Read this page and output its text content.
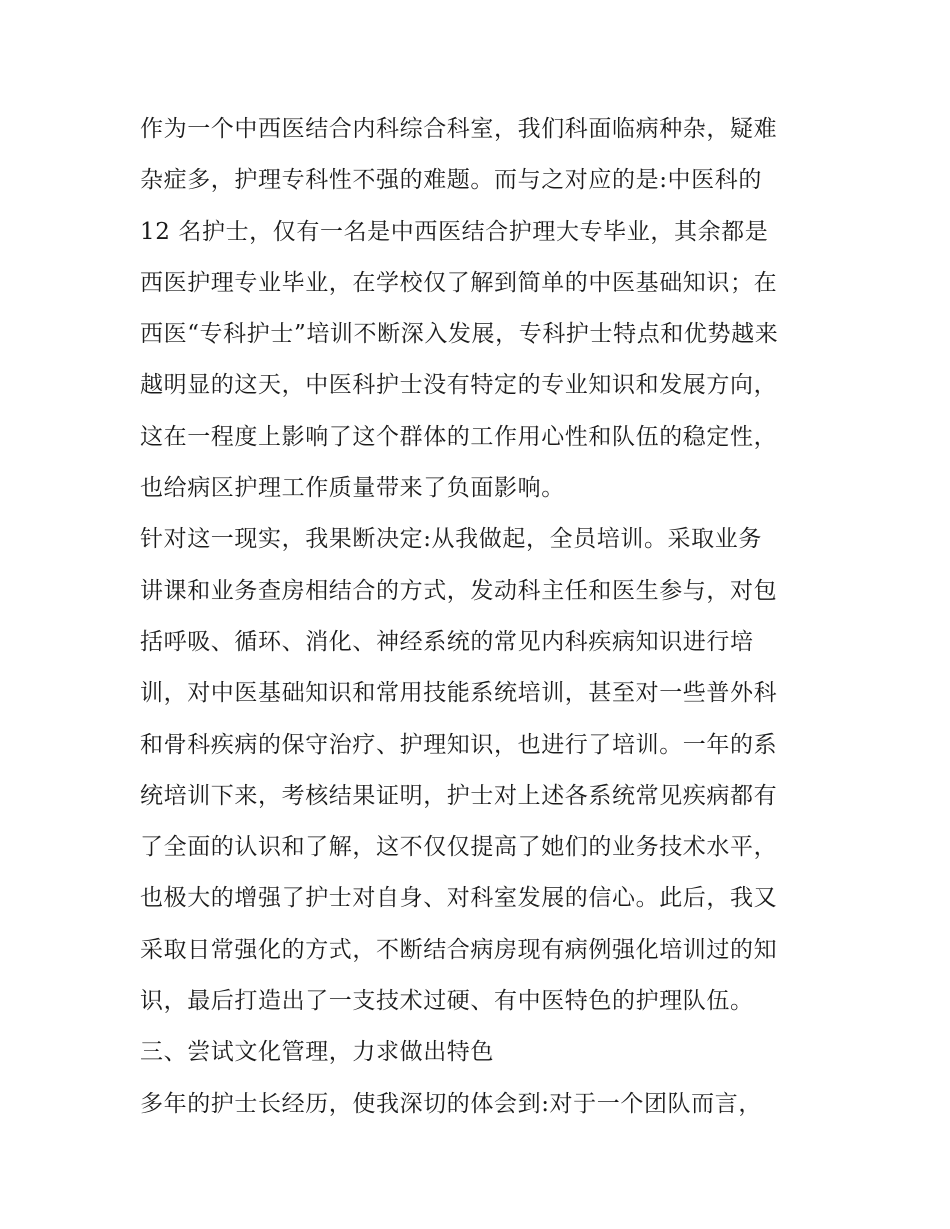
作为一个中西医结合内科综合科室，我们科面临病种杂，疑难
杂症多，护理专科性不强的难题。而与之对应的是:中医科的
12 名护士，仅有一名是中西医结合护理大专毕业，其余都是
西医护理专业毕业，在学校仅了解到简单的中医基础知识；在
西医“专科护士”培训不断深入发展，专科护士特点和优势越来
越明显的这天，中医科护士没有特定的专业知识和发展方向，
这在一程度上影响了这个群体的工作用心性和队伍的稳定性，
也给病区护理工作质量带来了负面影响。
针对这一现实，我果断决定:从我做起，全员培训。采取业务
讲课和业务查房相结合的方式，发动科主任和医生参与，对包
括呼吸、循环、消化、神经系统的常见内科疾病知识进行培
训，对中医基础知识和常用技能系统培训，甚至对一些普外科
和骨科疾病的保守治疗、护理知识，也进行了培训。一年的系
统培训下来，考核结果证明，护士对上述各系统常见疾病都有
了全面的认识和了解，这不仅仅提高了她们的业务技术水平，
也极大的增强了护士对自身、对科室发展的信心。此后，我又
采取日常强化的方式，不断结合病房现有病例强化培训过的知
识，最后打造出了一支技术过硬、有中医特色的护理队伍。
三、尝试文化管理，力求做出特色
多年的护士长经历，使我深切的体会到:对于一个团队而言，
